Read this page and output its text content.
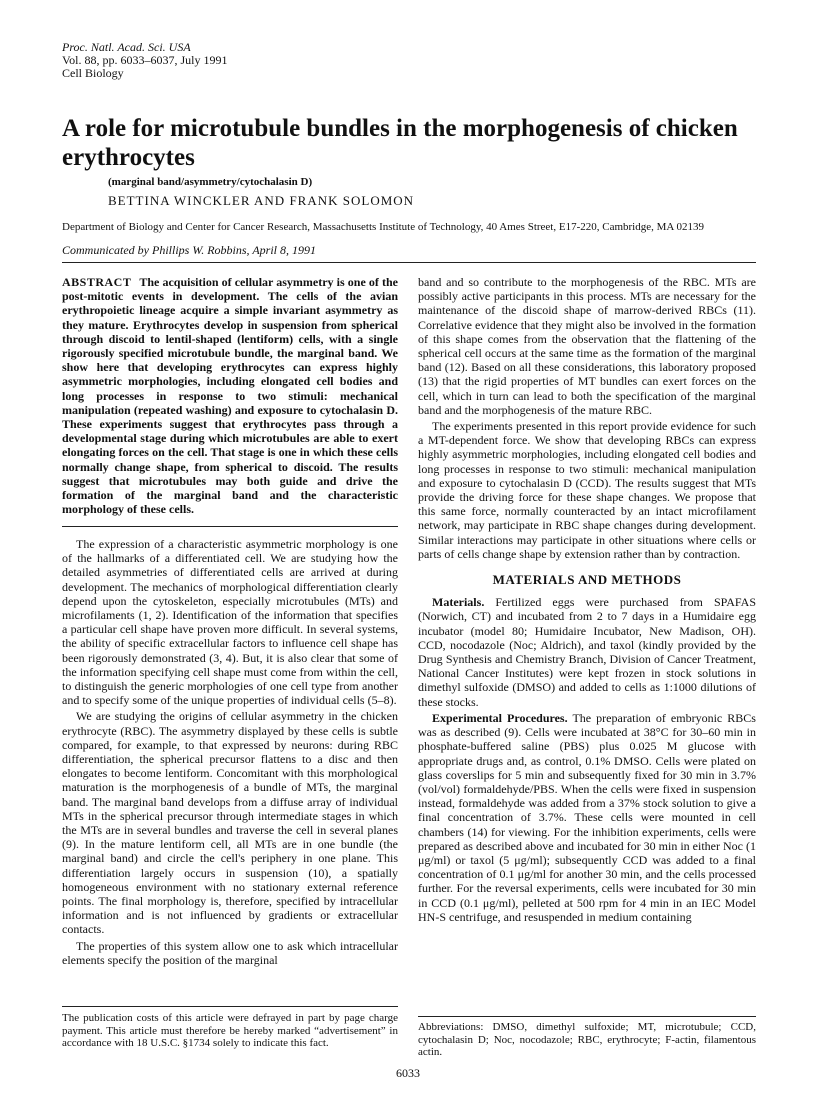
Proc. Natl. Acad. Sci. USA
Vol. 88, pp. 6033–6037, July 1991
Cell Biology
A role for microtubule bundles in the morphogenesis of chicken erythrocytes
(marginal band/asymmetry/cytochalasin D)
BETTINA WINCKLER AND FRANK SOLOMON
Department of Biology and Center for Cancer Research, Massachusetts Institute of Technology, 40 Ames Street, E17-220, Cambridge, MA 02139
Communicated by Phillips W. Robbins, April 8, 1991

ABSTRACT The acquisition of cellular asymmetry is one of the post-mitotic events in development. The cells of the avian erythropoietic lineage acquire a simple invariant asymmetry as they mature. Erythrocytes develop in suspension from spherical through discoid to lentil-shaped (lentiform) cells, with a single rigorously specified microtubule bundle, the marginal band. We show here that developing erythrocytes can express highly asymmetric morphologies, including elongated cell bodies and long processes in response to two stimuli: mechanical manipulation (repeated washing) and exposure to cytochalasin D. These experiments suggest that erythrocytes pass through a developmental stage during which microtubules are able to exert elongating forces on the cell. That stage is one in which these cells normally change shape, from spherical to discoid. The results suggest that microtubules may both guide and drive the formation of the marginal band and the characteristic morphology of these cells.

The expression of a characteristic asymmetric morphology is one of the hallmarks of a differentiated cell. We are studying how the detailed asymmetries of differentiated cells are arrived at during development. The mechanics of morphological differentiation clearly depend upon the cytoskeleton, especially microtubules (MTs) and microfilaments (1, 2). Identification of the information that specifies a particular cell shape have proven more difficult. In several systems, the ability of specific extracellular factors to influence cell shape has been rigorously demonstrated (3, 4). But, it is also clear that some of the information specifying cell shape must come from within the cell, to distinguish the generic morphologies of one cell type from another and to specify some of the unique properties of individual cells (5–8).

We are studying the origins of cellular asymmetry in the chicken erythrocyte (RBC). The asymmetry displayed by these cells is subtle compared, for example, to that expressed by neurons: during RBC differentiation, the spherical precursor flattens to a disc and then elongates to become lentiform. Concomitant with this morphological maturation is the morphogenesis of a bundle of MTs, the marginal band. The marginal band develops from a diffuse array of individual MTs in the spherical precursor through intermediate stages in which the MTs are in several bundles and traverse the cell in several planes (9). In the mature lentiform cell, all MTs are in one bundle (the marginal band) and circle the cell's periphery in one plane. This differentiation largely occurs in suspension (10), a spatially homogeneous environment with no stationary external reference points. The final morphology is, therefore, specified by intracellular information and is not influenced by gradients or extracellular contacts.

The properties of this system allow one to ask which intracellular elements specify the position of the marginal

band and so contribute to the morphogenesis of the RBC. MTs are possibly active participants in this process. MTs are necessary for the maintenance of the discoid shape of marrow-derived RBCs (11). Correlative evidence that they might also be involved in the formation of this shape comes from the observation that the flattening of the spherical cell occurs at the same time as the formation of the marginal band (12). Based on all these considerations, this laboratory proposed (13) that the rigid properties of MT bundles can exert forces on the cell, which in turn can lead to both the specification of the marginal band and the morphogenesis of the mature RBC.

The experiments presented in this report provide evidence for such a MT-dependent force. We show that developing RBCs can express highly asymmetric morphologies, including elongated cell bodies and long processes in response to two stimuli: mechanical manipulation and exposure to cytochalasin D (CCD). The results suggest that MTs provide the driving force for these shape changes. We propose that this same force, normally counteracted by an intact microfilament network, may participate in RBC shape changes during development. Similar interactions may participate in other situations where cells or parts of cells change shape by extension rather than by contraction.

MATERIALS AND METHODS

Materials. Fertilized eggs were purchased from SPAFAS (Norwich, CT) and incubated from 2 to 7 days in a Humidaire egg incubator (model 80; Humidaire Incubator, New Madison, OH). CCD, nocodazole (Noc; Aldrich), and taxol (kindly provided by the Drug Synthesis and Chemistry Branch, Division of Cancer Treatment, National Cancer Institutes) were kept frozen in stock solutions in dimethyl sulfoxide (DMSO) and added to cells as 1:1000 dilutions of these stocks.

Experimental Procedures. The preparation of embryonic RBCs was as described (9). Cells were incubated at 38°C for 30–60 min in phosphate-buffered saline (PBS) plus 0.025 M glucose with appropriate drugs and, as control, 0.1% DMSO. Cells were plated on glass coverslips for 5 min and subsequently fixed for 30 min in 3.7% (vol/vol) formaldehyde/PBS. When the cells were fixed in suspension instead, formaldehyde was added from a 37% stock solution to give a final concentration of 3.7%. These cells were mounted in cell chambers (14) for viewing. For the inhibition experiments, cells were prepared as described above and incubated for 30 min in either Noc (1 μg/ml) or taxol (5 μg/ml); subsequently CCD was added to a final concentration of 0.1 μg/ml for another 30 min, and the cells processed further. For the reversal experiments, cells were incubated for 30 min in CCD (0.1 μg/ml), pelleted at 500 rpm for 4 min in an IEC Model HN-S centrifuge, and resuspended in medium containing

The publication costs of this article were defrayed in part by page charge payment. This article must therefore be hereby marked “advertisement” in accordance with 18 U.S.C. §1734 solely to indicate this fact.
Abbreviations: DMSO, dimethyl sulfoxide; MT, microtubule; CCD, cytochalasin D; Noc, nocodazole; RBC, erythrocyte; F-actin, filamentous actin.
6033
